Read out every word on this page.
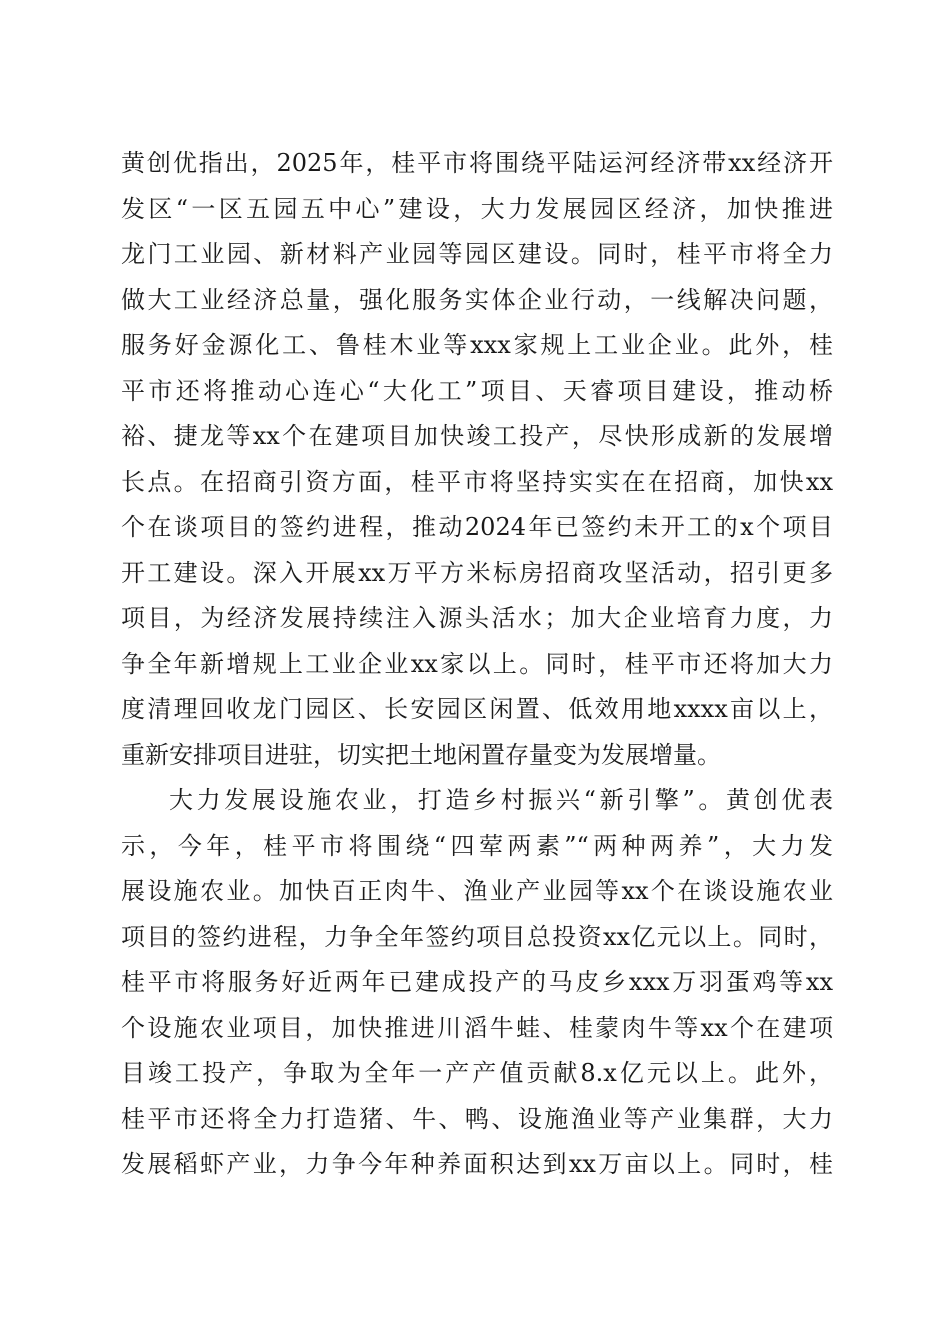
黄创优指出，2025年，桂平市将围绕平陆运河经济带xx经济开
发区“一区五园五中心”建设，大力发展园区经济，加快推进
龙门工业园、新材料产业园等园区建设。同时，桂平市将全力
做大工业经济总量，强化服务实体企业行动，一线解决问题，
服务好金源化工、鲁桂木业等xxx家规上工业企业。此外，桂
平市还将推动心连心“大化工”项目、天睿项目建设，推动桥
裕、捷龙等xx个在建项目加快竣工投产，尽快形成新的发展增
长点。在招商引资方面，桂平市将坚持实实在在招商，加快xx
个在谈项目的签约进程，推动2024年已签约未开工的x个项目
开工建设。深入开展xx万平方米标房招商攻坚活动，招引更多
项目，为经济发展持续注入源头活水；加大企业培育力度，力
争全年新增规上工业企业xx家以上。同时，桂平市还将加大力
度清理回收龙门园区、长安园区闲置、低效用地xxxx亩以上，
重新安排项目进驻，切实把土地闲置存量变为发展增量。
大力发展设施农业，打造乡村振兴“新引擎”。黄创优表
示，今年，桂平市将围绕“四荤两素”“两种两养”，大力发
展设施农业。加快百正肉牛、渔业产业园等xx个在谈设施农业
项目的签约进程，力争全年签约项目总投资xx亿元以上。同时，
桂平市将服务好近两年已建成投产的马皮乡xxx万羽蛋鸡等xx
个设施农业项目，加快推进川滔牛蛙、桂蒙肉牛等xx个在建项
目竣工投产，争取为全年一产产值贡献8.x亿元以上。此外，
桂平市还将全力打造猪、牛、鸭、设施渔业等产业集群，大力
发展稻虾产业，力争今年种养面积达到xx万亩以上。同时，桂
